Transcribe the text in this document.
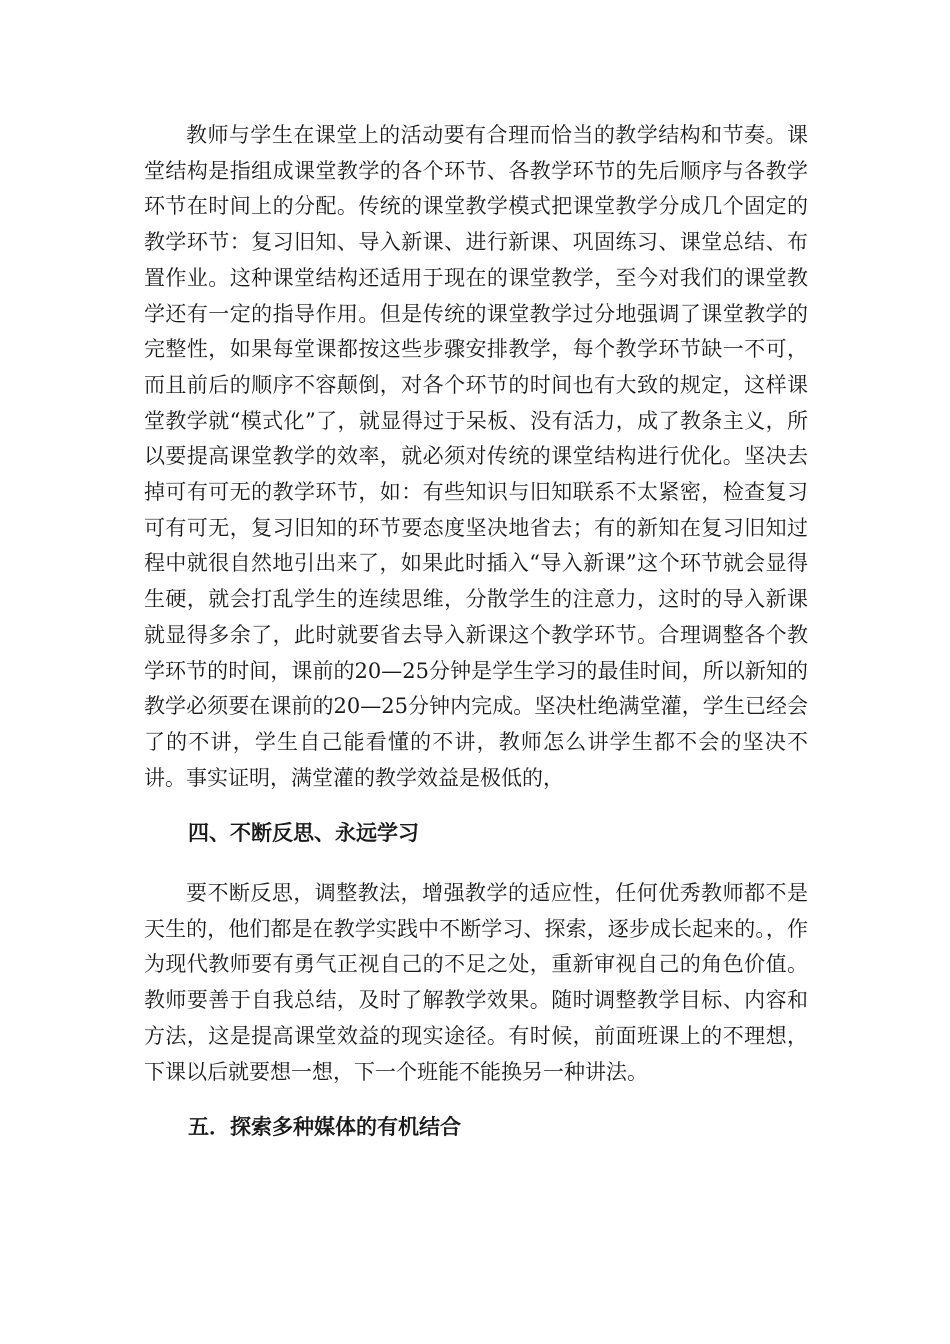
教师与学生在课堂上的活动要有合理而恰当的教学结构和节奏。课堂结构是指组成课堂教学的各个环节、各教学环节的先后顺序与各教学环节在时间上的分配。传统的课堂教学模式把课堂教学分成几个固定的教学环节：复习旧知、导入新课、进行新课、巩固练习、课堂总结、布置作业。这种课堂结构还适用于现在的课堂教学，至今对我们的课堂教学还有一定的指导作用。但是传统的课堂教学过分地强调了课堂教学的完整性，如果每堂课都按这些步骤安排教学，每个教学环节缺一不可，而且前后的顺序不容颠倒，对各个环节的时间也有大致的规定，这样课堂教学就“模式化”了，就显得过于呆板、没有活力，成了教条主义，所以要提高课堂教学的效率，就必须对传统的课堂结构进行优化。坚决去掉可有可无的教学环节，如：有些知识与旧知联系不太紧密，检查复习可有可无，复习旧知的环节要态度坚决地省去；有的新知在复习旧知过程中就很自然地引出来了，如果此时插入“导入新课”这个环节就会显得生硬，就会打乱学生的连续思维，分散学生的注意力，这时的导入新课就显得多余了，此时就要省去导入新课这个教学环节。合理调整各个教学环节的时间，课前的20—25分钟是学生学习的最佳时间，所以新知的教学必须要在课前的20—25分钟内完成。坚决杜绝满堂灌，学生已经会了的不讲，学生自己能看懂的不讲，教师怎么讲学生都不会的坚决不讲。事实证明，满堂灌的教学效益是极低的，

四、不断反思、永远学习

要不断反思，调整教法，增强教学的适应性，任何优秀教师都不是天生的，他们都是在教学实践中不断学习、探索，逐步成长起来的。，作为现代教师要有勇气正视自己的不足之处，重新审视自己的角色价值。教师要善于自我总结，及时了解教学效果。随时调整教学目标、内容和方法，这是提高课堂效益的现实途径。有时候，前面班课上的不理想，下课以后就要想一想，下一个班能不能换另一种讲法。

五．探索多种媒体的有机结合
